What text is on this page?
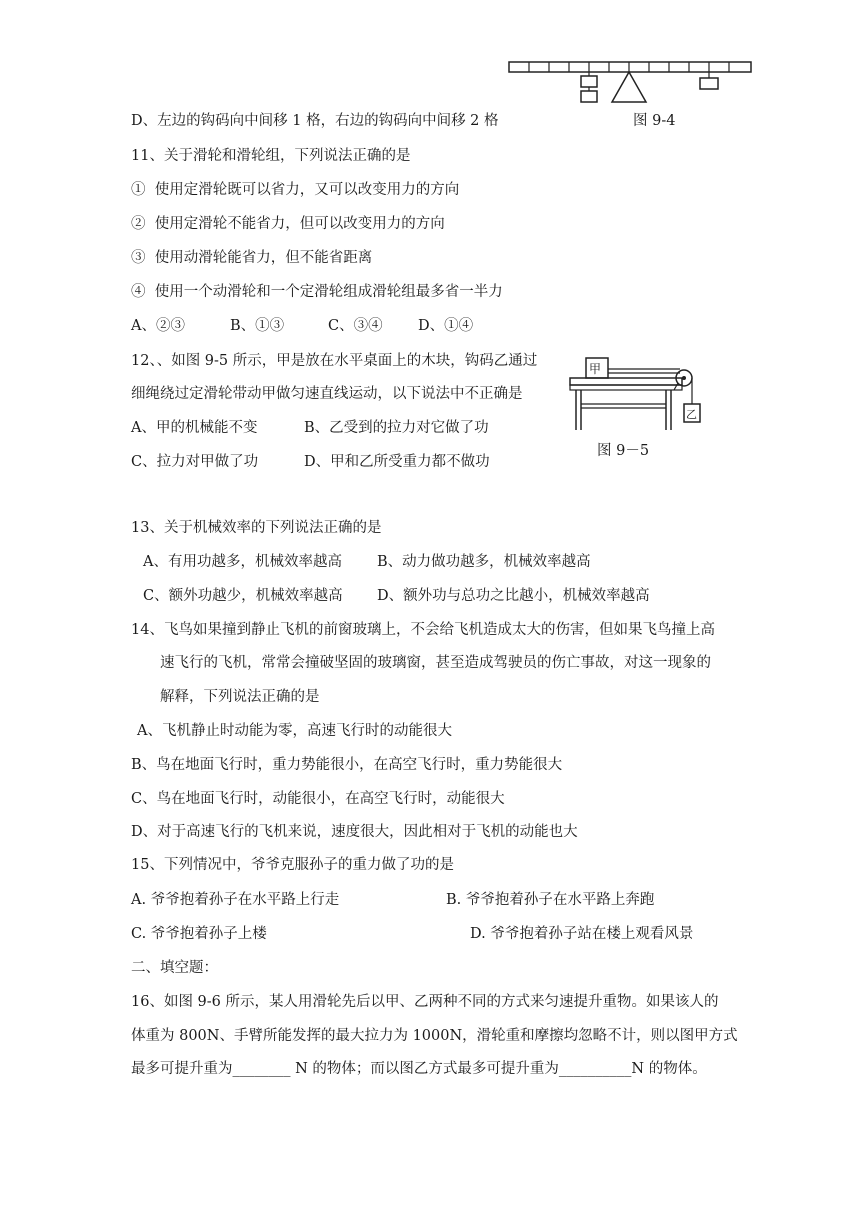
D、左边的钩码向中间移 1 格，右边的钩码向中间移 2 格	图 9-4
11、关于滑轮和滑轮组，下列说法正确的是
①  使用定滑轮既可以省力，又可以改变用力的方向
②  使用定滑轮不能省力，但可以改变用力的方向
③  使用动滑轮能省力，但不能省距离
④  使用一个动滑轮和一个定滑轮组成滑轮组最多省一半力
A、②③	B、①③	C、③④ D、①④
12、、如图 9-5 所示，甲是放在水平桌面上的木块，钩码乙通过
细绳绕过定滑轮带动甲做匀速直线运动，以下说法中不正确是
A、甲的机械能不变	B、乙受到的拉力对它做了功
C、拉力对甲做了功	D、甲和乙所受重力都不做功
甲
乙
图 9－5
13、关于机械效率的下列说法正确的是
A、有用功越多，机械效率越高 B、动力做功越多，机械效率越高
C、额外功越少，机械效率越高 D、额外功与总功之比越小，机械效率越高
14、飞鸟如果撞到静止飞机的前窗玻璃上，不会给飞机造成太大的伤害，但如果飞鸟撞上高
速飞行的飞机，常常会撞破坚固的玻璃窗，甚至造成驾驶员的伤亡事故，对这一现象的
解释，下列说法正确的是
A、飞机静止时动能为零，高速飞行时的动能很大
B、鸟在地面飞行时，重力势能很小，在高空飞行时，重力势能很大
C、鸟在地面飞行时，动能很小，在高空飞行时，动能很大
D、对于高速飞行的飞机来说，速度很大，因此相对于飞机的动能也大
15、下列情况中，爷爷克服孙子的重力做了功的是
A. 爷爷抱着孙子在水平路上行走	B. 爷爷抱着孙子在水平路上奔跑
C. 爷爷抱着孙子上楼	D. 爷爷抱着孙子站在楼上观看风景
二、填空题：
16、如图 9-6 所示，某人用滑轮先后以甲、乙两种不同的方式来匀速提升重物。如果该人的
体重为 800N、手臂所能发挥的最大拉力为 1000N，滑轮重和摩擦均忽略不计，则以图甲方式
最多可提升重为________ N 的物体；而以图乙方式最多可提升重为__________N 的物体。
